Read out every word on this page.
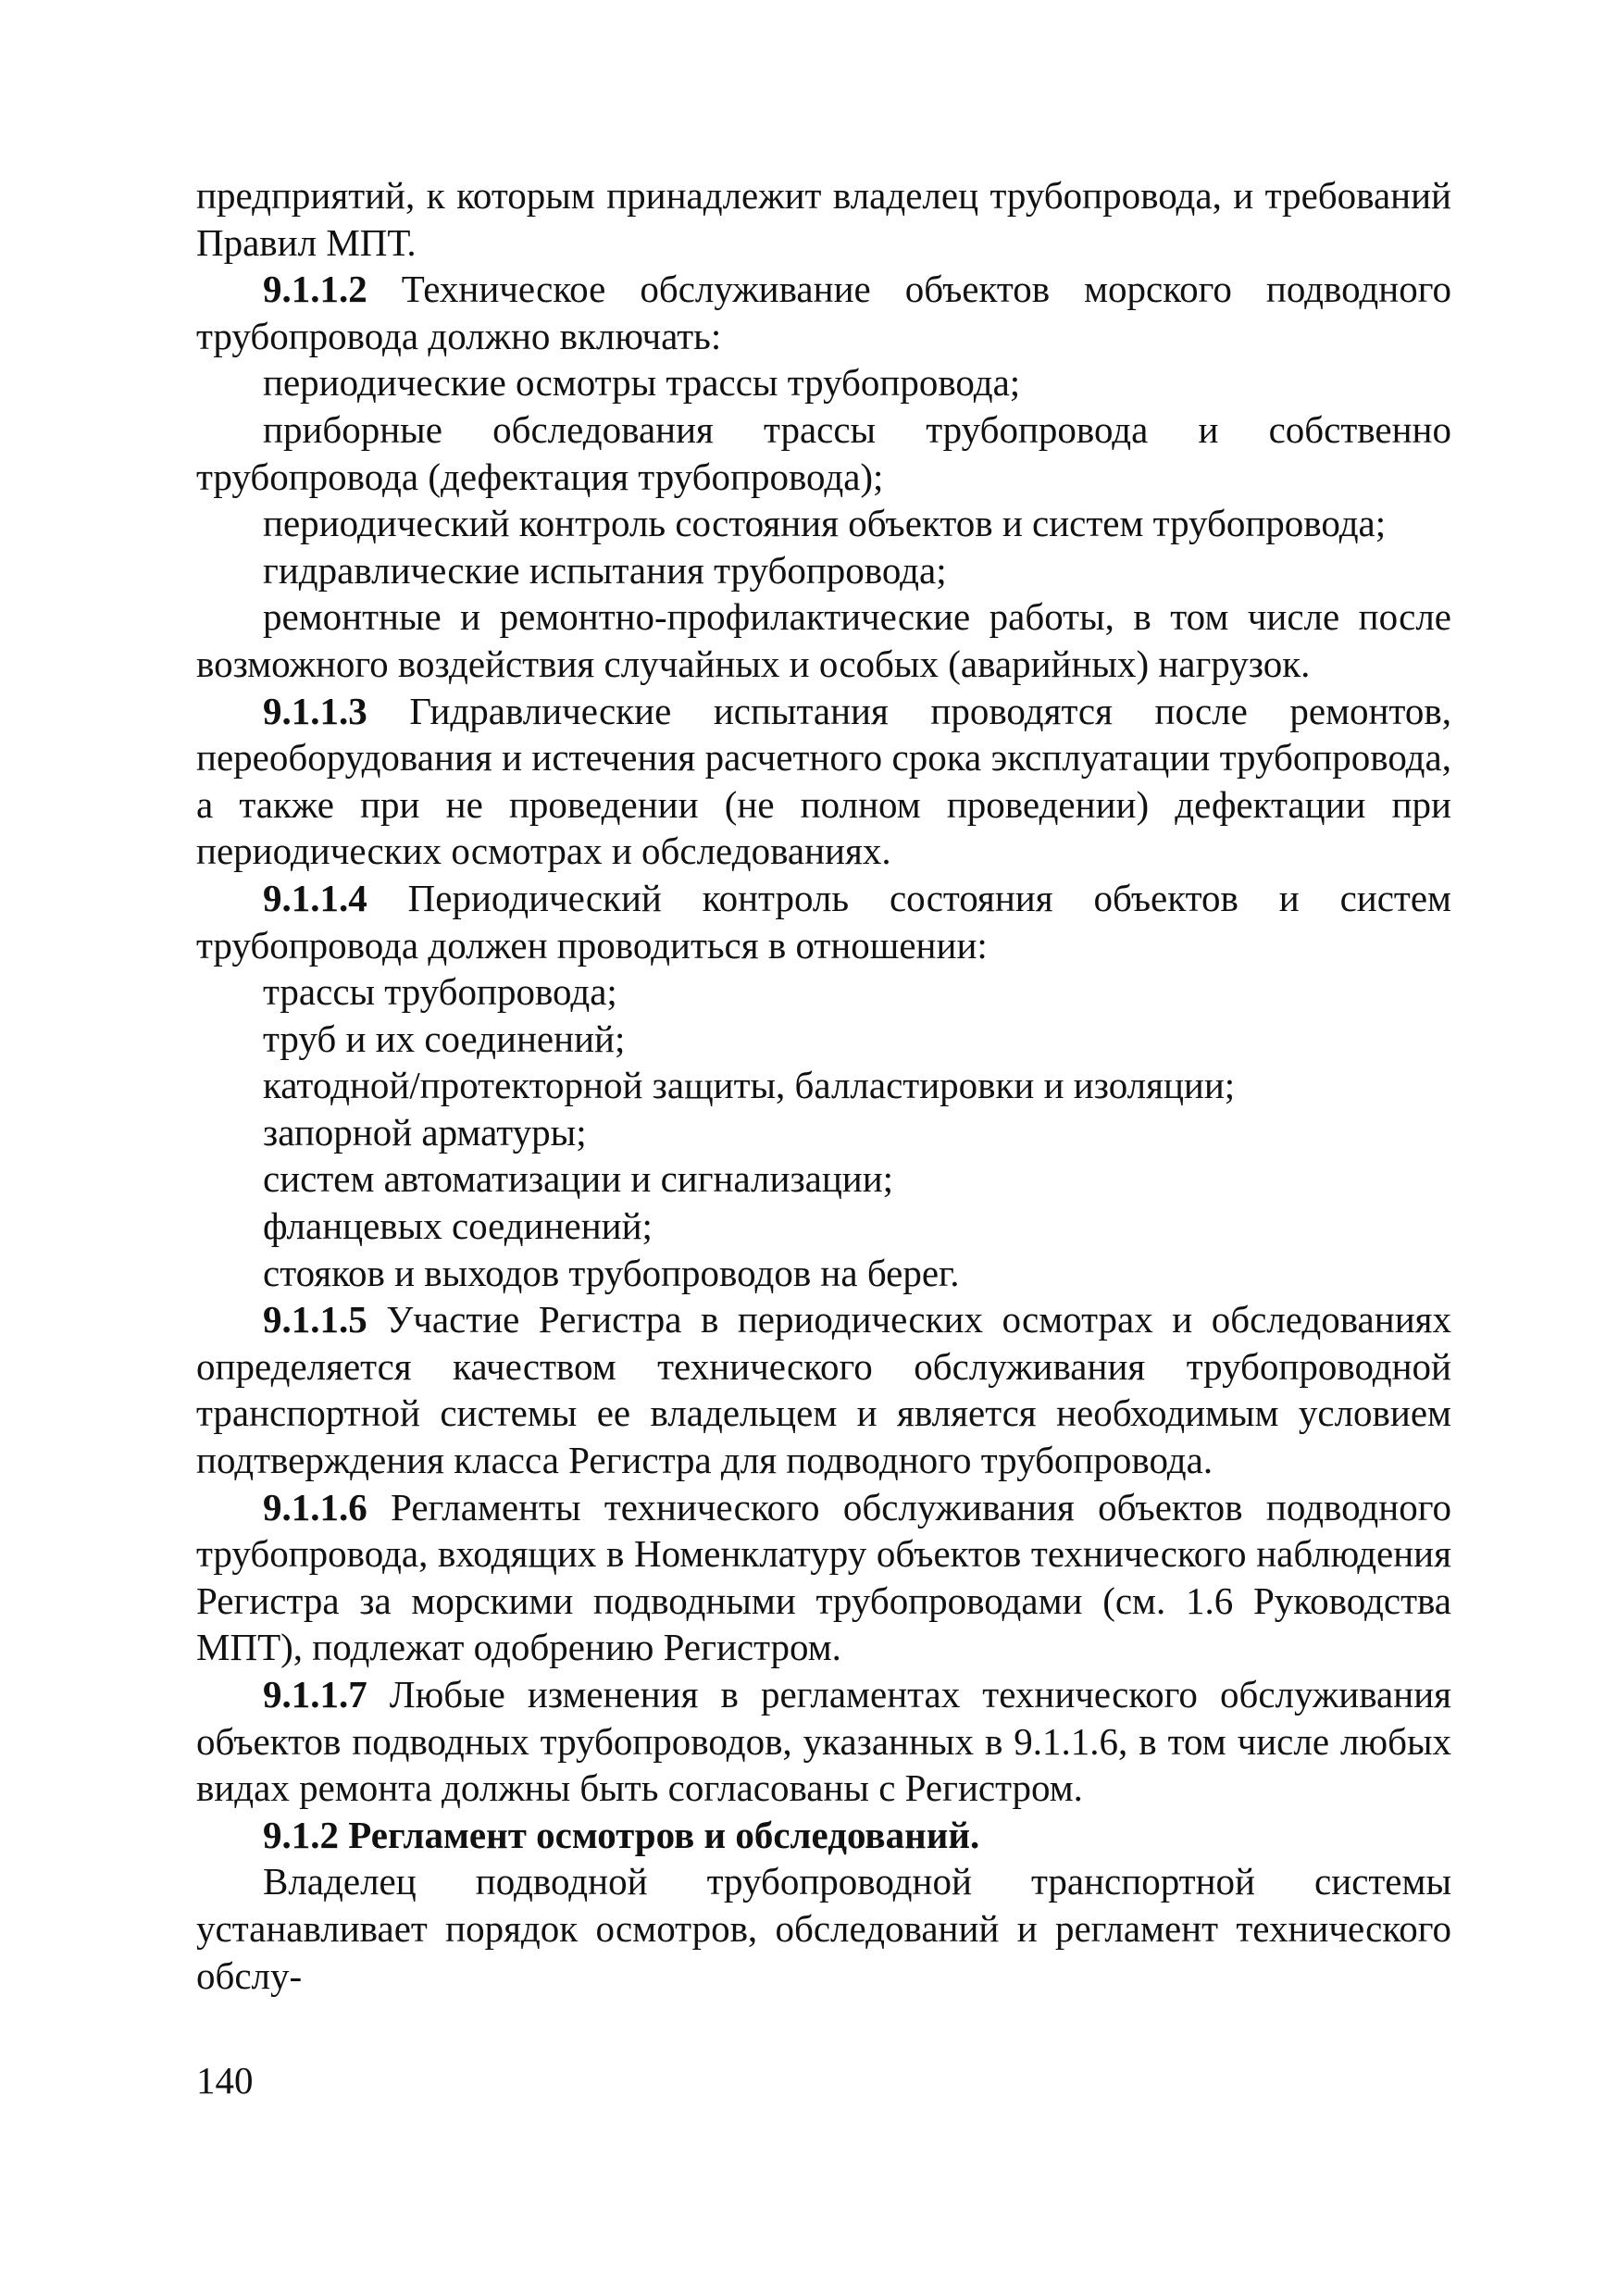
предприятий, к которым принадлежит владелец трубопровода, и требований Правил МПТ.

9.1.1.2 Техническое обслуживание объектов морского подводного трубопровода должно включать:

периодические осмотры трассы трубопровода;

приборные обследования трассы трубопровода и собственно трубопровода (дефектация трубопровода);

периодический контроль состояния объектов и систем трубопровода;

гидравлические испытания трубопровода;

ремонтные и ремонтно-профилактические работы, в том числе после возможного воздействия случайных и особых (аварийных) нагрузок.

9.1.1.3 Гидравлические испытания проводятся после ремонтов, переоборудования и истечения расчетного срока эксплуатации трубопровода, а также при не проведении (не полном проведении) дефектации при периодических осмотрах и обследованиях.

9.1.1.4 Периодический контроль состояния объектов и систем трубопровода должен проводиться в отношении:

трассы трубопровода;

труб и их соединений;

катодной/протекторной защиты, балластировки и изоляции;

запорной арматуры;

систем автоматизации и сигнализации;

фланцевых соединений;

стояков и выходов трубопроводов на берег.

9.1.1.5 Участие Регистра в периодических осмотрах и обследованиях определяется качеством технического обслуживания трубопроводной транспортной системы ее владельцем и является необходимым условием подтверждения класса Регистра для подводного трубопровода.

9.1.1.6 Регламенты технического обслуживания объектов подводного трубопровода, входящих в Номенклатуру объектов технического наблюдения Регистра за морскими подводными трубопроводами (см. 1.6 Руководства МПТ), подлежат одобрению Регистром.

9.1.1.7 Любые изменения в регламентах технического обслуживания объектов подводных трубопроводов, указанных в 9.1.1.6, в том числе любых видах ремонта должны быть согласованы с Регистром.

9.1.2 Регламент осмотров и обследований.

Владелец подводной трубопроводной транспортной системы устанавливает порядок осмотров, обследований и регламент технического обслу-

140
